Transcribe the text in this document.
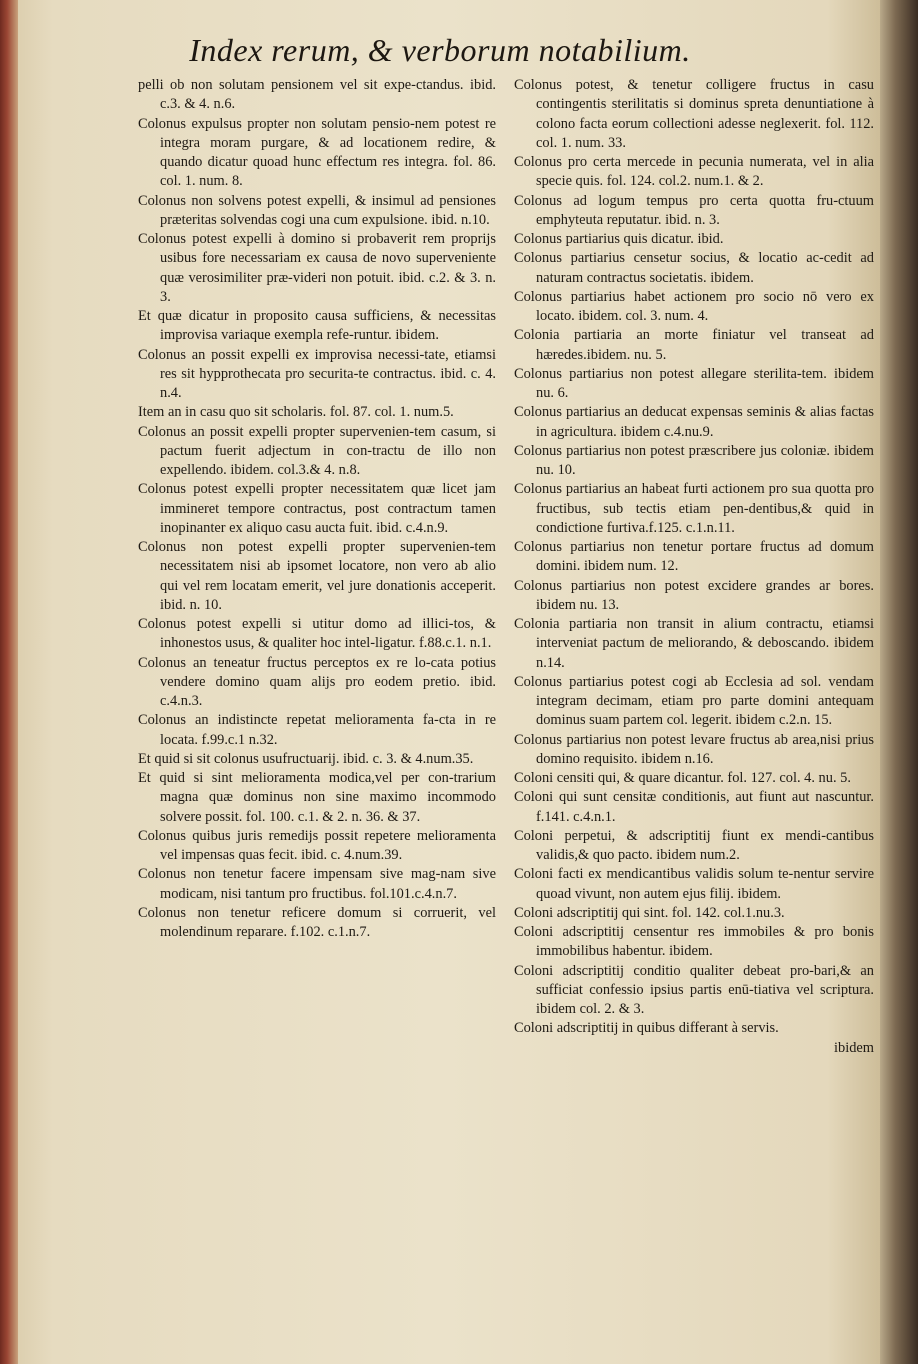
Index rerum, & verborum notabilium.

pelli ob non solutam pensionem vel sit expe-ctandus. ibid. c.3. & 4. n.6.

Colonus expulsus propter non solutam pensio-nem potest re integra moram purgare, & ad locationem redire, & quando dicatur quoad hunc effectum res integra. fol. 86. col. 1. num. 8.

Colonus non solvens potest expelli, & insimul ad pensiones præteritas solvendas cogi una cum expulsione. ibid. n.10.

Colonus potest expelli à domino si probaverit rem proprijs usibus fore necessariam ex causa de novo superveniente quæ verosimiliter præ-videri non potuit. ibid. c.2. & 3. n. 3.

Et quæ dicatur in proposito causa sufficiens, & necessitas improvisa variaque exempla refe-runtur. ibidem.

Colonus an possit expelli ex improvisa necessi-tate, etiamsi res sit hypprothecata pro securita-te contractus. ibid. c. 4. n.4.

Item an in casu quo sit scholaris. fol. 87. col. 1. num.5.

Colonus an possit expelli propter supervenien-tem casum, si pactum fuerit adjectum in con-tractu de illo non expellendo. ibidem. col.3.& 4. n.8.

Colonus potest expelli propter necessitatem quæ licet jam immineret tempore contractus, post contractum tamen inopinanter ex aliquo casu aucta fuit. ibid. c.4.n.9.

Colonus non potest expelli propter supervenien-tem necessitatem nisi ab ipsomet locatore, non vero ab alio qui vel rem locatam emerit, vel jure donationis acceperit. ibid. n. 10.

Colonus potest expelli si utitur domo ad illici-tos, & inhonestos usus, & qualiter hoc intel-ligatur. f.88.c.1. n.1.

Colonus an teneatur fructus perceptos ex re lo-cata potius vendere domino quam alijs pro eodem pretio. ibid. c.4.n.3.

Colonus an indistincte repetat melioramenta fa-cta in re locata. f.99.c.1 n.32.

Et quid si sit colonus usufructuarij. ibid. c. 3. & 4.num.35.

Et quid si sint melioramenta modica,vel per con-trarium magna quæ dominus non sine maximo incommodo solvere possit. fol. 100. c.1. & 2. n. 36. & 37.

Colonus quibus juris remedijs possit repetere melioramenta vel impensas quas fecit. ibid. c. 4.num.39.

Colonus non tenetur facere impensam sive mag-nam sive modicam, nisi tantum pro fructibus. fol.101.c.4.n.7.

Colonus non tenetur reficere domum si corruerit, vel molendinum reparare. f.102. c.1.n.7.

Colonus potest, & tenetur colligere fructus in casu contingentis sterilitatis si dominus spreta denuntiatione à colono facta eorum collectioni adesse neglexerit. fol. 112. col. 1. num. 33.

Colonus pro certa mercede in pecunia numerata, vel in alia specie quis. fol. 124. col.2. num.1. & 2.

Colonus ad logum tempus pro certa quotta fru-ctuum emphyteuta reputatur. ibid. n. 3.

Colonus partiarius quis dicatur. ibid.

Colonus partiarius censetur socius, & locatio ac-cedit ad naturam contractus societatis. ibidem.

Colonus partiarius habet actionem pro socio nō vero ex locato. ibidem. col. 3. num. 4.

Colonia partiaria an morte finiatur vel transeat ad hæredes.ibidem. nu. 5.

Colonus partiarius non potest allegare sterilita-tem. ibidem nu. 6.

Colonus partiarius an deducat expensas seminis & alias factas in agricultura. ibidem c.4.nu.9.

Colonus partiarius non potest præscribere jus coloniæ. ibidem nu. 10.

Colonus partiarius an habeat furti actionem pro sua quotta pro fructibus, sub tectis etiam pen-dentibus,& quid in condictione furtiva.f.125. c.1.n.11.

Colonus partiarius non tenetur portare fructus ad domum domini. ibidem num. 12.

Colonus partiarius non potest excidere grandes ar bores. ibidem nu. 13.

Colonia partiaria non transit in alium contractu, etiamsi interveniat pactum de meliorando, & deboscando. ibidem n.14.

Colonus partiarius potest cogi ab Ecclesia ad sol. vendam integram decimam, etiam pro parte domini antequam dominus suam partem col. legerit. ibidem c.2.n. 15.

Colonus partiarius non potest levare fructus ab area,nisi prius domino requisito. ibidem n.16.

Coloni censiti qui, & quare dicantur. fol. 127. col. 4. nu. 5.

Coloni qui sunt censitæ conditionis, aut fiunt aut nascuntur. f.141. c.4.n.1.

Coloni perpetui, & adscriptitij fiunt ex mendi-cantibus validis,& quo pacto. ibidem num.2.

Coloni facti ex mendicantibus validis solum te-nentur servire quoad vivunt, non autem ejus filij. ibidem.

Coloni adscriptitij qui sint. fol. 142. col.1.nu.3.

Coloni adscriptitij censentur res immobiles & pro bonis immobilibus habentur. ibidem.

Coloni adscriptitij conditio qualiter debeat pro-bari,& an sufficiat confessio ipsius partis enū-tiativa vel scriptura. ibidem col. 2. & 3.

Coloni adscriptitij in quibus differant à servis.

ibidem
